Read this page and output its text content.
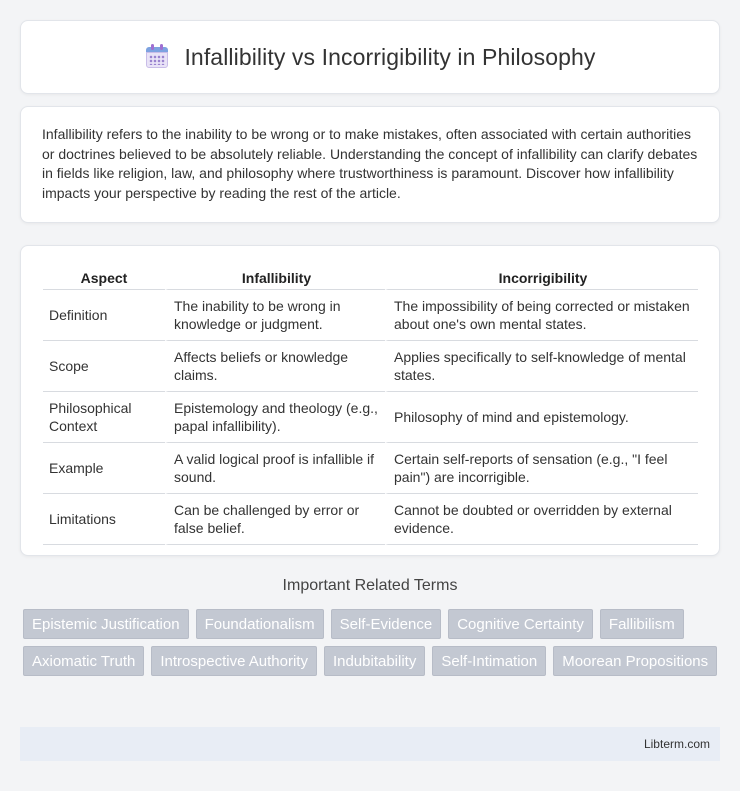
Infallibility vs Incorrigibility in Philosophy

Infallibility refers to the inability to be wrong or to make mistakes, often associated with certain authorities or doctrines believed to be absolutely reliable. Understanding the concept of infallibility can clarify debates in fields like religion, law, and philosophy where trustworthiness is paramount. Discover how infallibility impacts your perspective by reading the rest of the article.

Aspect	Infallibility	Incorrigibility
Definition	The inability to be wrong in knowledge or judgment.	The impossibility of being corrected or mistaken about one's own mental states.
Scope	Affects beliefs or knowledge claims.	Applies specifically to self-knowledge of mental states.
Philosophical Context	Epistemology and theology (e.g., papal infallibility).	Philosophy of mind and epistemology.
Example	A valid logical proof is infallible if sound.	Certain self-reports of sensation (e.g., "I feel pain") are incorrigible.
Limitations	Can be challenged by error or false belief.	Cannot be doubted or overridden by external evidence.
Important Related Terms
Epistemic Justification	Foundationalism	Self-Evidence	Cognitive Certainty	Fallibilism
Axiomatic Truth	Introspective Authority	Indubitability	Self-Intimation	Moorean Propositions
Libterm.com
